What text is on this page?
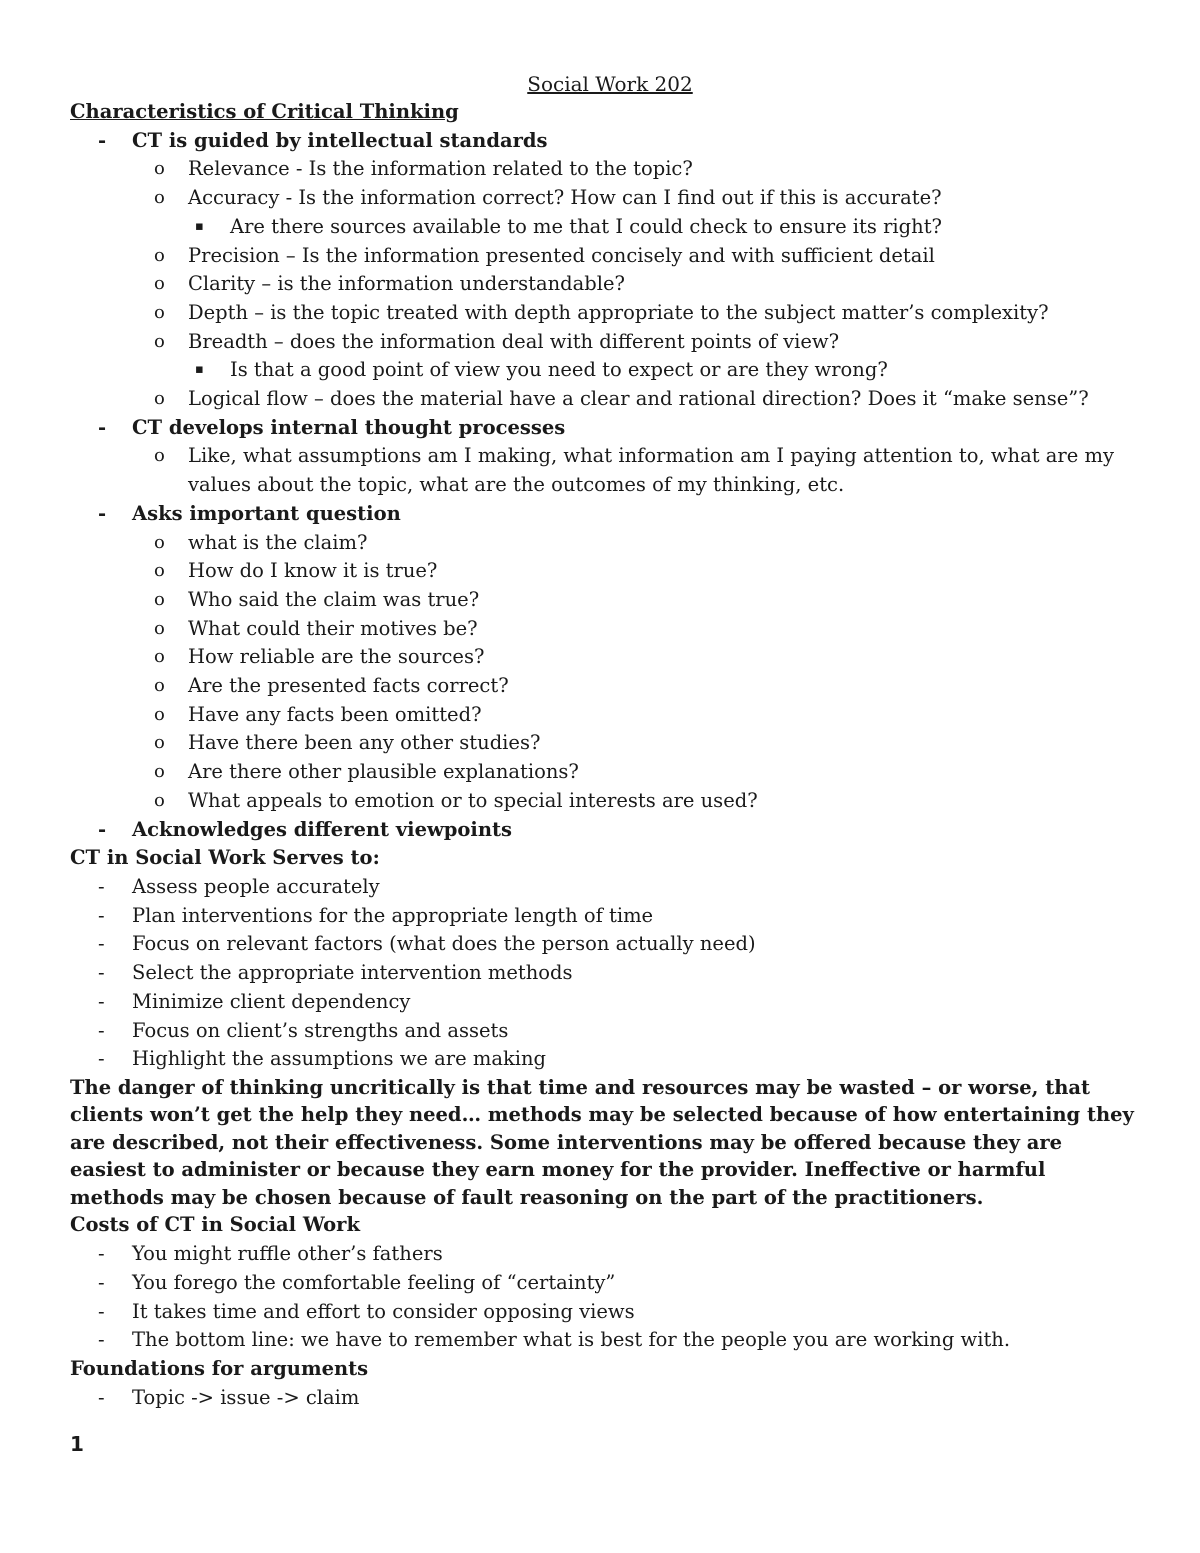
Social Work 202
Characteristics of Critical Thinking
- CT is guided by intellectual standards
o Relevance - Is the information related to the topic?
o Accuracy - Is the information correct? How can I find out if this is accurate?
▪ Are there sources available to me that I could check to ensure its right?
o Precision – Is the information presented concisely and with sufficient detail
o Clarity – is the information understandable?
o Depth – is the topic treated with depth appropriate to the subject matter’s complexity?
o Breadth – does the information deal with different points of view?
▪ Is that a good point of view you need to expect or are they wrong?
o Logical flow – does the material have a clear and rational direction? Does it “make sense”?
- CT develops internal thought processes
o Like, what assumptions am I making, what information am I paying attention to, what are my values about the topic, what are the outcomes of my thinking, etc.
- Asks important question
o what is the claim?
o How do I know it is true?
o Who said the claim was true?
o What could their motives be?
o How reliable are the sources?
o Are the presented facts correct?
o Have any facts been omitted?
o Have there been any other studies?
o Are there other plausible explanations?
o What appeals to emotion or to special interests are used?
- Acknowledges different viewpoints
CT in Social Work Serves to:
- Assess people accurately
- Plan interventions for the appropriate length of time
- Focus on relevant factors (what does the person actually need)
- Select the appropriate intervention methods
- Minimize client dependency
- Focus on client’s strengths and assets
- Highlight the assumptions we are making
The danger of thinking uncritically is that time and resources may be wasted – or worse, that clients won’t get the help they need… methods may be selected because of how entertaining they are described, not their effectiveness. Some interventions may be offered because they are easiest to administer or because they earn money for the provider. Ineffective or harmful methods may be chosen because of fault reasoning on the part of the practitioners.
Costs of CT in Social Work
- You might ruffle other’s fathers
- You forego the comfortable feeling of “certainty”
- It takes time and effort to consider opposing views
- The bottom line: we have to remember what is best for the people you are working with.
Foundations for arguments
- Topic -> issue -> claim
1
